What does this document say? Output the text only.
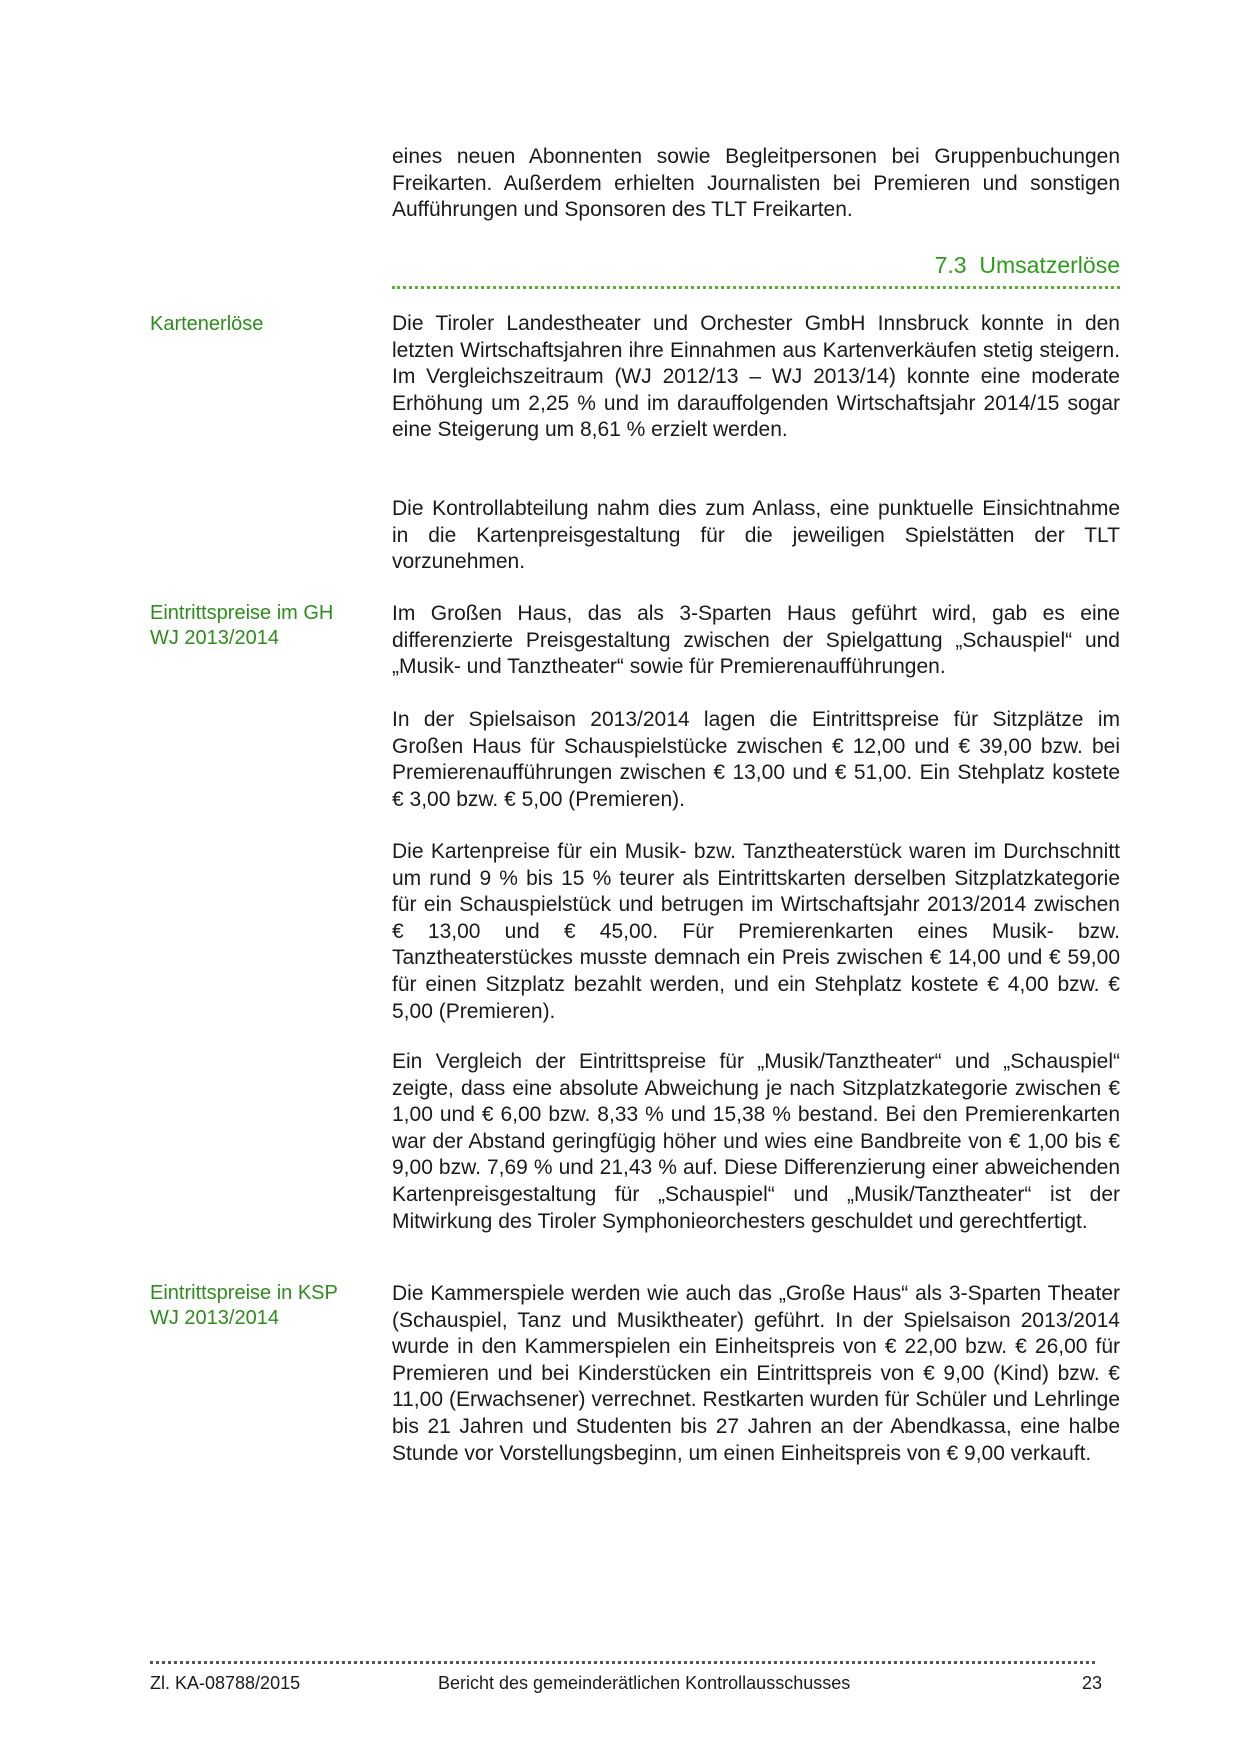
eines neuen Abonnenten sowie Begleitpersonen bei Gruppenbuchungen Freikarten. Außerdem erhielten Journalisten bei Premieren und sonstigen Aufführungen und Sponsoren des TLT Freikarten.

7.3 Umsatzerlöse

Kartenerlöse	Die Tiroler Landestheater und Orchester GmbH Innsbruck konnte in den letzten Wirtschaftsjahren ihre Einnahmen aus Kartenverkäufen stetig steigern. Im Vergleichszeitraum (WJ 2012/13 – WJ 2013/14) konnte eine moderate Erhöhung um 2,25 % und im darauffolgenden Wirtschaftsjahr 2014/15 sogar eine Steigerung um 8,61 % erzielt werden.

Die Kontrollabteilung nahm dies zum Anlass, eine punktuelle Einsichtnahme in die Kartenpreisgestaltung für die jeweiligen Spielstätten der TLT vorzunehmen.

Eintrittspreise im GH
WJ 2013/2014

Im Großen Haus, das als 3-Sparten Haus geführt wird, gab es eine differenzierte Preisgestaltung zwischen der Spielgattung „Schauspiel“ und „Musik- und Tanztheater“ sowie für Premierenaufführungen.

In der Spielsaison 2013/2014 lagen die Eintrittspreise für Sitzplätze im Großen Haus für Schauspielstücke zwischen € 12,00 und € 39,00 bzw. bei Premierenaufführungen zwischen € 13,00 und € 51,00. Ein Stehplatz kostete € 3,00 bzw. € 5,00 (Premieren).

Die Kartenpreise für ein Musik- bzw. Tanztheaterstück waren im Durchschnitt um rund 9 % bis 15 % teurer als Eintrittskarten derselben Sitzplatzkategorie für ein Schauspielstück und betrugen im Wirtschaftsjahr 2013/2014 zwischen € 13,00 und € 45,00. Für Premierenkarten eines Musik- bzw. Tanztheaterstückes musste demnach ein Preis zwischen € 14,00 und € 59,00 für einen Sitzplatz bezahlt werden, und ein Stehplatz kostete € 4,00 bzw. € 5,00 (Premieren).

Ein Vergleich der Eintrittspreise für „Musik/Tanztheater“ und „Schauspiel“ zeigte, dass eine absolute Abweichung je nach Sitzplatzkategorie zwischen € 1,00 und € 6,00 bzw. 8,33 % und 15,38 % bestand. Bei den Premierenkarten war der Abstand geringfügig höher und wies eine Bandbreite von € 1,00 bis € 9,00 bzw. 7,69 % und 21,43 % auf. Diese Differenzierung einer abweichenden Kartenpreisgestaltung für „Schauspiel“ und „Musik/Tanztheater“ ist der Mitwirkung des Tiroler Symphonieorchesters geschuldet und gerechtfertigt.

Eintrittspreise in KSP
WJ 2013/2014

Die Kammerspiele werden wie auch das „Große Haus“ als 3-Sparten Theater (Schauspiel, Tanz und Musiktheater) geführt. In der Spielsaison 2013/2014 wurde in den Kammerspielen ein Einheitspreis von € 22,00 bzw. € 26,00 für Premieren und bei Kinderstücken ein Eintrittspreis von € 9,00 (Kind) bzw. € 11,00 (Erwachsener) verrechnet. Restkarten wurden für Schüler und Lehrlinge bis 21 Jahren und Studenten bis 27 Jahren an der Abendkassa, eine halbe Stunde vor Vorstellungsbeginn, um einen Einheitspreis von € 9,00 verkauft.

Zl. KA-08788/2015	Bericht des gemeinderätlichen Kontrollausschusses	23
